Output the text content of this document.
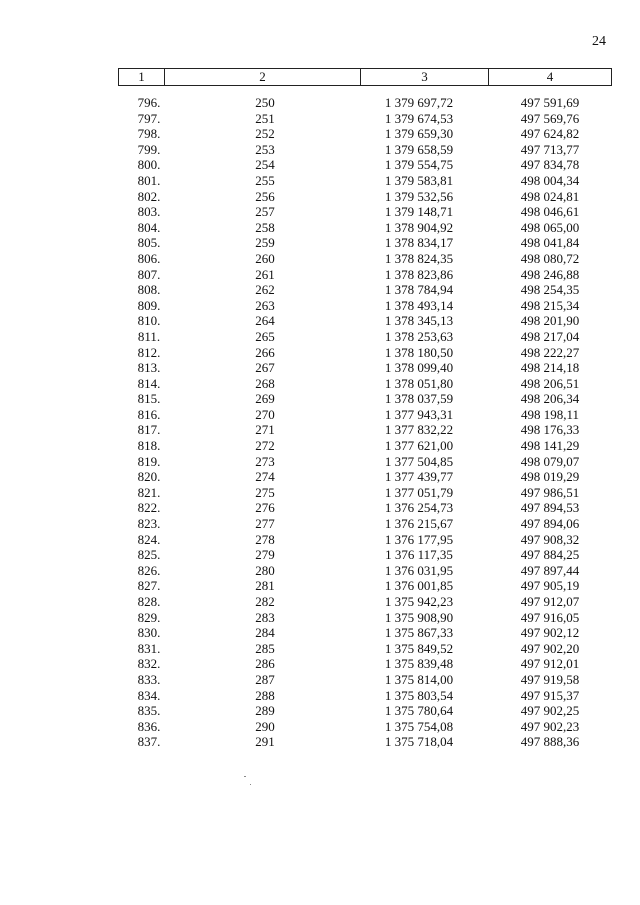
24
1	2	3	4
796.	250	1 379 697,72	497 591,69
797.	251	1 379 674,53	497 569,76
798.	252	1 379 659,30	497 624,82
799.	253	1 379 658,59	497 713,77
800.	254	1 379 554,75	497 834,78
801.	255	1 379 583,81	498 004,34
802.	256	1 379 532,56	498 024,81
803.	257	1 379 148,71	498 046,61
804.	258	1 378 904,92	498 065,00
805.	259	1 378 834,17	498 041,84
806.	260	1 378 824,35	498 080,72
807.	261	1 378 823,86	498 246,88
808.	262	1 378 784,94	498 254,35
809.	263	1 378 493,14	498 215,34
810.	264	1 378 345,13	498 201,90
811.	265	1 378 253,63	498 217,04
812.	266	1 378 180,50	498 222,27
813.	267	1 378 099,40	498 214,18
814.	268	1 378 051,80	498 206,51
815.	269	1 378 037,59	498 206,34
816.	270	1 377 943,31	498 198,11
817.	271	1 377 832,22	498 176,33
818.	272	1 377 621,00	498 141,29
819.	273	1 377 504,85	498 079,07
820.	274	1 377 439,77	498 019,29
821.	275	1 377 051,79	497 986,51
822.	276	1 376 254,73	497 894,53
823.	277	1 376 215,67	497 894,06
824.	278	1 376 177,95	497 908,32
825.	279	1 376 117,35	497 884,25
826.	280	1 376 031,95	497 897,44
827.	281	1 376 001,85	497 905,19
828.	282	1 375 942,23	497 912,07
829.	283	1 375 908,90	497 916,05
830.	284	1 375 867,33	497 902,12
831.	285	1 375 849,52	497 902,20
832.	286	1 375 839,48	497 912,01
833.	287	1 375 814,00	497 919,58
834.	288	1 375 803,54	497 915,37
835.	289	1 375 780,64	497 902,25
836.	290	1 375 754,08	497 902,23
837.	291	1 375 718,04	497 888,36
